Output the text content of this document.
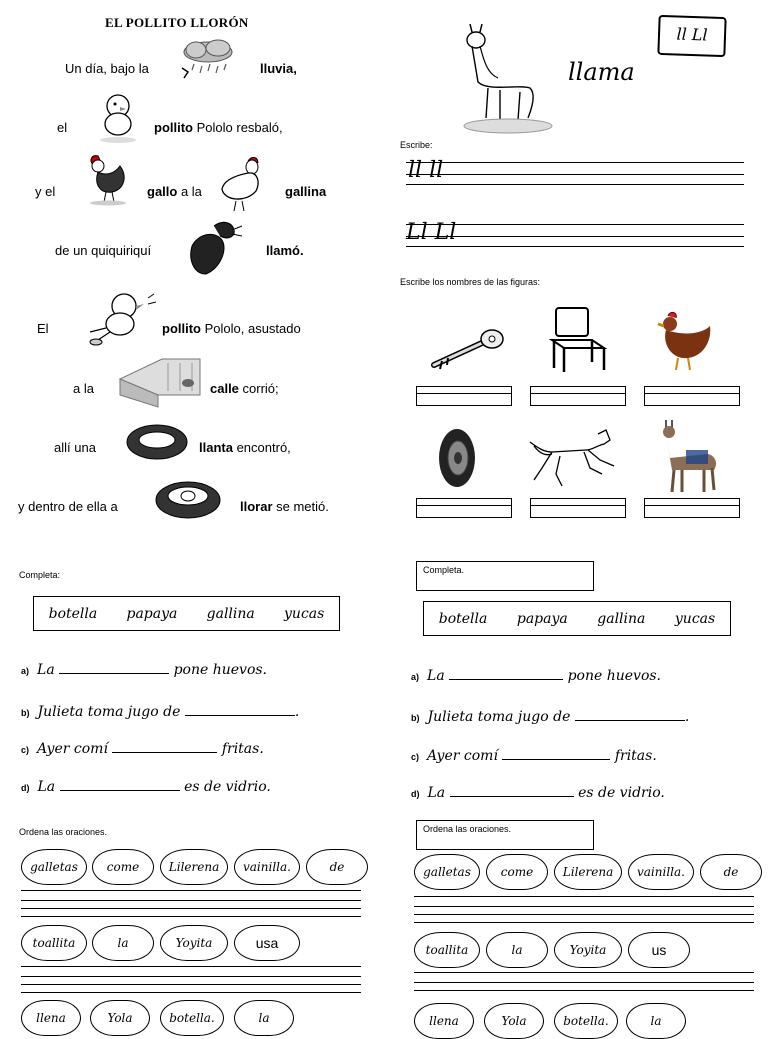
EL POLLITO LLORÓN
Un día, bajo la	lluvia,
el	pollito Pololo resbaló,
y el	gallo a la	gallina
de un quiquiriquí	llamó.
El	pollito Pololo, asustado
a la	calle corrió;
allí una	llanta encontró,
y dentro de ella a	llorar se metió.
llama
ll Ll
Escribe:
ll ll
Ll Ll
Escribe los nombres de las figuras:
Completa:
botella papaya gallina yucas
a) La	pone huevos.
b) Julieta toma jugo de	.
c) Ayer comí	fritas.
d) La	es de vidrio.
Completa.
botella papaya gallina yucas
a) La	pone huevos.
b) Julieta toma jugo de	.
c) Ayer comí	fritas.
d) La	es de vidrio.
Ordena las oraciones.
galletas	come	Lilerena	vainilla.	de
toallita	la	Yoyita	usa
llena	Yola	botella.	la
Ordena las oraciones.
galletas	come	Lilerena	vainilla.	de
toallita	la	Yoyita	us
llena	Yola	botella.	la
